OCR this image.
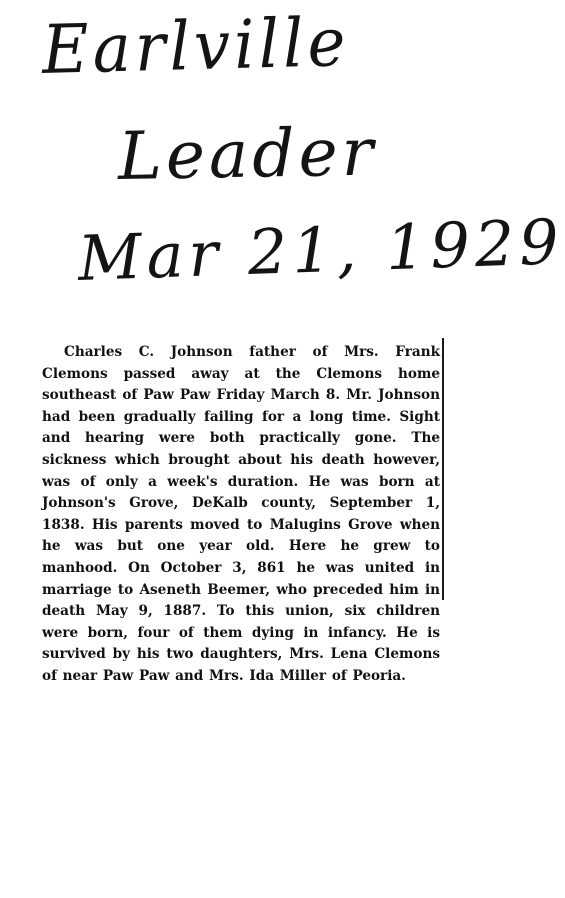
Earlville
Leader
Mar 21, 1929

Charles C. Johnson father of Mrs. Frank Clemons passed away at the Clemons home southeast of Paw Paw Friday March 8. Mr. Johnson had been gradually failing for a long time. Sight and hearing were both practically gone. The sickness which brought about his death however, was of only a week's duration. He was born at Johnson's Grove, DeKalb county, September 1, 1838. His parents moved to Malugins Grove when he was but one year old. Here he grew to manhood. On October 3, 861 he was united in marriage to Aseneth Beemer, who preceded him in death May 9, 1887. To this union, six children were born, four of them dying in infancy. He is survived by his two daughters, Mrs. Lena Clemons of near Paw Paw and Mrs. Ida Miller of Peoria.
